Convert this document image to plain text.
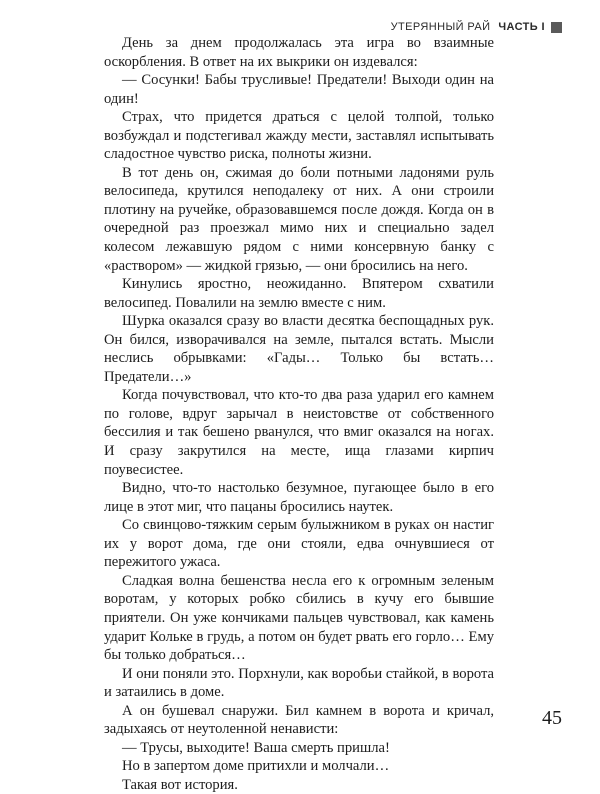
УТЕРЯННЫЙ РАЙ ЧАСТЬ I

День за днем продолжалась эта игра во взаимные оскорбления. В ответ на их выкрики он издевался:

— Сосунки! Бабы трусливые! Предатели! Выходи один на один!

Страх, что придется драться с целой толпой, только возбуждал и подстегивал жажду мести, заставлял испытывать сладостное чувство риска, полноты жизни.

В тот день он, сжимая до боли потными ладонями руль велосипеда, крутился неподалеку от них. А они строили плотину на ручейке, образовавшемся после дождя. Когда он в очередной раз проезжал мимо них и специально задел колесом лежавшую рядом с ними консервную банку с «раствором» — жидкой грязью, — они бросились на него.

Кинулись яростно, неожиданно. Впятером схватили велосипед. Повалили на землю вместе с ним.

Шурка оказался сразу во власти десятка беспощадных рук. Он бился, изворачивался на земле, пытался встать. Мысли неслись обрывками: «Гады… Только бы встать… Предатели…»

Когда почувствовал, что кто-то два раза ударил его камнем по голове, вдруг зарычал в неистовстве от собственного бессилия и так бешено рванулся, что вмиг оказался на ногах. И сразу закрутился на месте, ища глазами кирпич поувесистее.

Видно, что-то настолько безумное, пугающее было в его лице в этот миг, что пацаны бросились наутек.

Со свинцово-тяжким серым булыжником в руках он настиг их у ворот дома, где они стояли, едва очнувшиеся от пережитого ужаса.

Сладкая волна бешенства несла его к огромным зеленым воротам, у которых робко сбились в кучу его бывшие приятели. Он уже кончиками пальцев чувствовал, как камень ударит Кольке в грудь, а потом он будет рвать его горло… Ему бы только добраться…

И они поняли это. Порхнули, как воробьи стайкой, в ворота и затаились в доме.

А он бушевал снаружи. Бил камнем в ворота и кричал, задыхаясь от неутоленной ненависти:

— Трусы, выходите! Ваша смерть пришла!

Но в запертом доме притихли и молчали…

Такая вот история.

45
